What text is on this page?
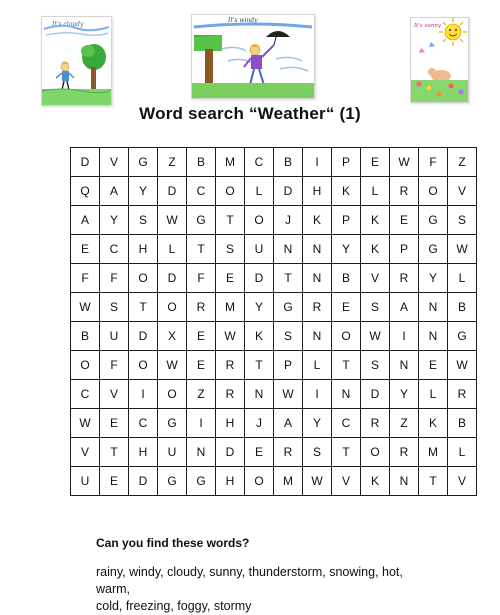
It's cloudy
It's windy
It's sunny
Word search “Weather“ (1)
D	V	G	Z	B	M	C	B	I	P	E	W	F	Z
Q	A	Y	D	C	O	L	D	H	K	L	R	O	V
A	Y	S	W	G	T	O	J	K	P	K	E	G	S
E	C	H	L	T	S	U	N	N	Y	K	P	G	W
F	F	O	D	F	E	D	T	N	B	V	R	Y	L
W	S	T	O	R	M	Y	G	R	E	S	A	N	B
B	U	D	X	E	W	K	S	N	O	W	I	N	G
O	F	O	W	E	R	T	P	L	T	S	N	E	W
C	V	I	O	Z	R	N	W	I	N	D	Y	L	R
W	E	C	G	I	H	J	A	Y	C	R	Z	K	B
V	T	H	U	N	D	E	R	S	T	O	R	M	L
U	E	D	G	G	H	O	M	W	V	K	N	T	V
Can you find these words?
rainy, windy, cloudy, sunny, thunderstorm, snowing, hot, warm,
cold, freezing, foggy, stormy
